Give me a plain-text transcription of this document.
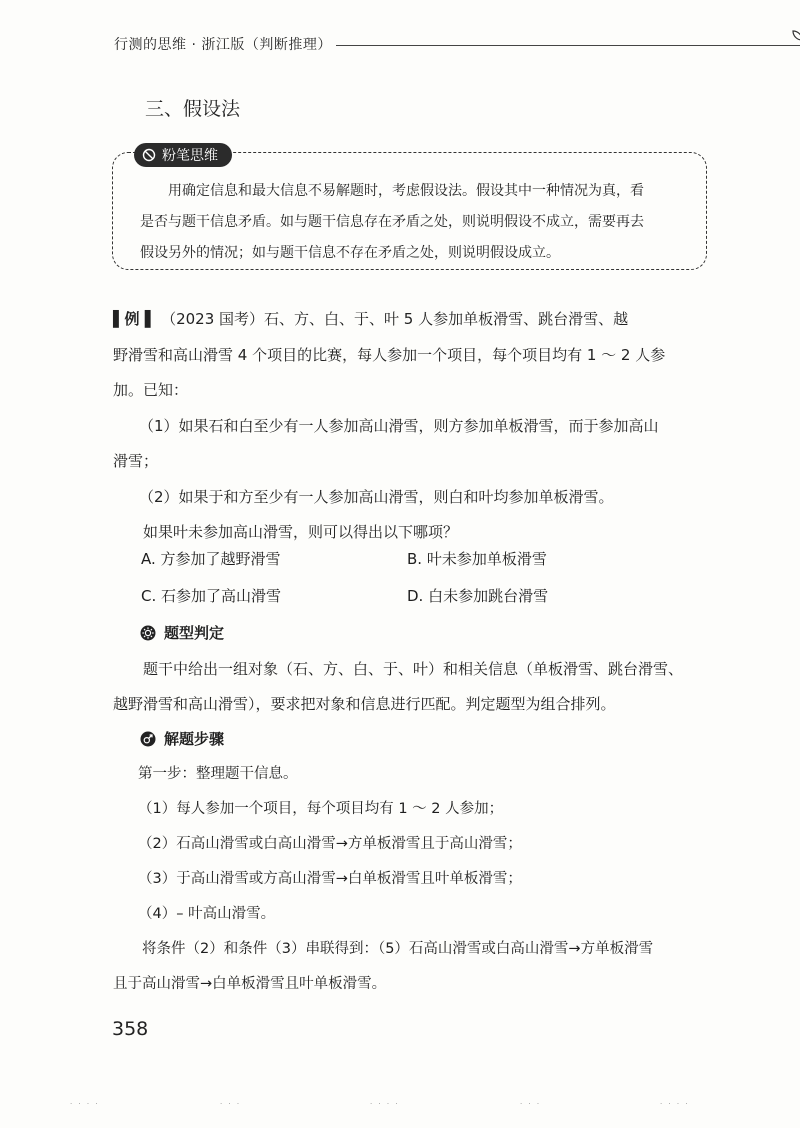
行测的思维 · 浙江版（判断推理）
三、假设法
粉笔思维

用确定信息和最大信息不易解题时，考虑假设法。假设其中一种情况为真，看

是否与题干信息矛盾。如与题干信息存在矛盾之处，则说明假设不成立，需要再去

假设另外的情况；如与题干信息不存在矛盾之处，则说明假设成立。

▌例 ▌ （2023 国考）石、方、白、于、叶 5 人参加单板滑雪、跳台滑雪、越

野滑雪和高山滑雪 4 个项目的比赛，每人参加一个项目，每个项目均有 1 ～ 2 人参

加。已知：

（1）如果石和白至少有一人参加高山滑雪，则方参加单板滑雪，而于参加高山

滑雪；

（2）如果于和方至少有一人参加高山滑雪，则白和叶均参加单板滑雪。

如果叶未参加高山滑雪，则可以得出以下哪项？

A. 方参加了越野滑雪	B. 叶未参加单板滑雪
C. 石参加了高山滑雪	D. 白未参加跳台滑雪
题型判定

题干中给出一组对象（石、方、白、于、叶）和相关信息（单板滑雪、跳台滑雪、

越野滑雪和高山滑雪），要求把对象和信息进行匹配。判定题型为组合排列。

解题步骤

第一步：整理题干信息。

（1）每人参加一个项目，每个项目均有 1 ～ 2 人参加；

（2）石高山滑雪或白高山滑雪→方单板滑雪且于高山滑雪；

（3）于高山滑雪或方高山滑雪→白单板滑雪且叶单板滑雪；

（4）– 叶高山滑雪。

将条件（2）和条件（3）串联得到：（5）石高山滑雪或白高山滑雪→方单板滑雪

且于高山滑雪→白单板滑雪且叶单板滑雪。

358
· · · ·	· · ·	· · · ·	· · ·	· · · ·
